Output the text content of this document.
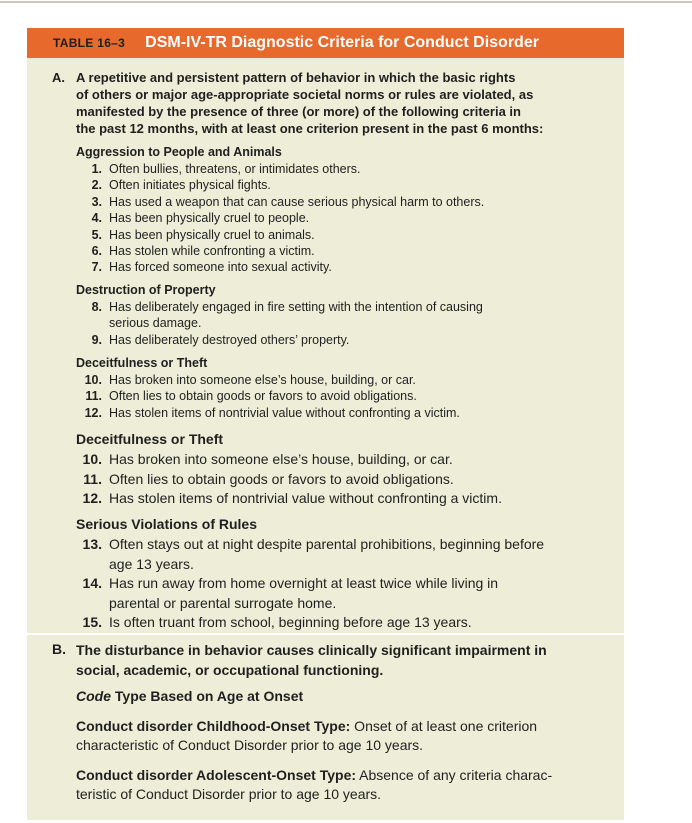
TABLE 16–3 DSM-IV-TR Diagnostic Criteria for Conduct Disorder
A. A repetitive and persistent pattern of behavior in which the basic rights
of others or major age-appropriate societal norms or rules are violated, as
manifested by the presence of three (or more) of the following criteria in
the past 12 months, with at least one criterion present in the past 6 months:
Aggression to People and Animals
1. Often bullies, threatens, or intimidates others.
2. Often initiates physical fights.
3. Has used a weapon that can cause serious physical harm to others.
4. Has been physically cruel to people.
5. Has been physically cruel to animals.
6. Has stolen while confronting a victim.
7. Has forced someone into sexual activity.
Destruction of Property
8. Has deliberately engaged in fire setting with the intention of causing
serious damage.
9. Has deliberately destroyed others’ property.
Deceitfulness or Theft
10. Has broken into someone else’s house, building, or car.
11. Often lies to obtain goods or favors to avoid obligations.
12. Has stolen items of nontrivial value without confronting a victim.
Deceitfulness or Theft
10. Has broken into someone else’s house, building, or car.
11. Often lies to obtain goods or favors to avoid obligations.
12. Has stolen items of nontrivial value without confronting a victim.
Serious Violations of Rules
13. Often stays out at night despite parental prohibitions, beginning before
age 13 years.
14. Has run away from home overnight at least twice while living in
parental or parental surrogate home.
15. Is often truant from school, beginning before age 13 years.
B. The disturbance in behavior causes clinically significant impairment in
social, academic, or occupational functioning.
Code Type Based on Age at Onset
Conduct disorder Childhood-Onset Type: Onset of at least one criterion
characteristic of Conduct Disorder prior to age 10 years.
Conduct disorder Adolescent-Onset Type: Absence of any criteria charac-
teristic of Conduct Disorder prior to age 10 years.
